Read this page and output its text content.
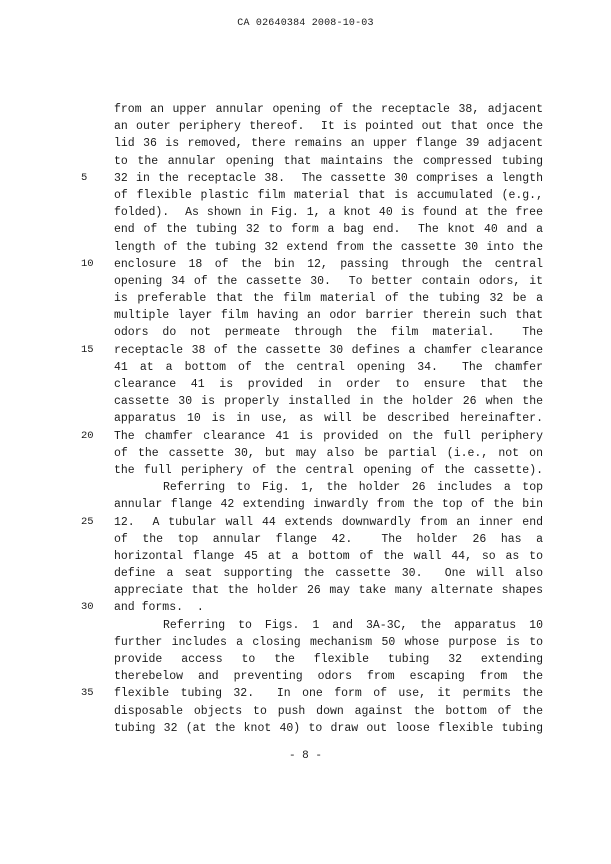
CA 02640384 2008-10-03
from an upper annular opening of the receptacle 38, adjacent
an outer periphery thereof.  It is pointed out that once the
lid 36 is removed, there remains an upper flange 39 adjacent
to the annular opening that maintains the compressed tubing
5	32 in the receptacle 38.  The cassette 30 comprises a length
of flexible plastic film material that is accumulated (e.g.,
folded).  As shown in Fig. 1, a knot 40 is found at the free
end of the tubing 32 to form a bag end.  The knot 40 and a
length of the tubing 32 extend from the cassette 30 into the
10	enclosure 18 of the bin 12, passing through the central
opening 34 of the cassette 30.  To better contain odors, it
is preferable that the film material of the tubing 32 be a
multiple layer film having an odor barrier therein such that
odors do not permeate through the film material.  The
15	receptacle 38 of the cassette 30 defines a chamfer clearance
41 at a bottom of the central opening 34.  The chamfer
clearance 41 is provided in order to ensure that the
cassette 30 is properly installed in the holder 26 when the
apparatus 10 is in use, as will be described hereinafter.
20	The chamfer clearance 41 is provided on the full periphery
of the cassette 30, but may also be partial (i.e., not on
the full periphery of the central opening of the cassette).
Referring to Fig. 1, the holder 26 includes a top
annular flange 42 extending inwardly from the top of the bin
25	12.  A tubular wall 44 extends downwardly from an inner end
of the top annular flange 42.  The holder 26 has a
horizontal flange 45 at a bottom of the wall 44, so as to
define a seat supporting the cassette 30.  One will also
appreciate that the holder 26 may take many alternate shapes
30	and forms.  .
Referring to Figs. 1 and 3A-3C, the apparatus 10
further includes a closing mechanism 50 whose purpose is to
provide access to the flexible tubing 32 extending
therebelow and preventing odors from escaping from the
35	flexible tubing 32.  In one form of use, it permits the
disposable objects to push down against the bottom of the
tubing 32 (at the knot 40) to draw out loose flexible tubing
- 8 -
